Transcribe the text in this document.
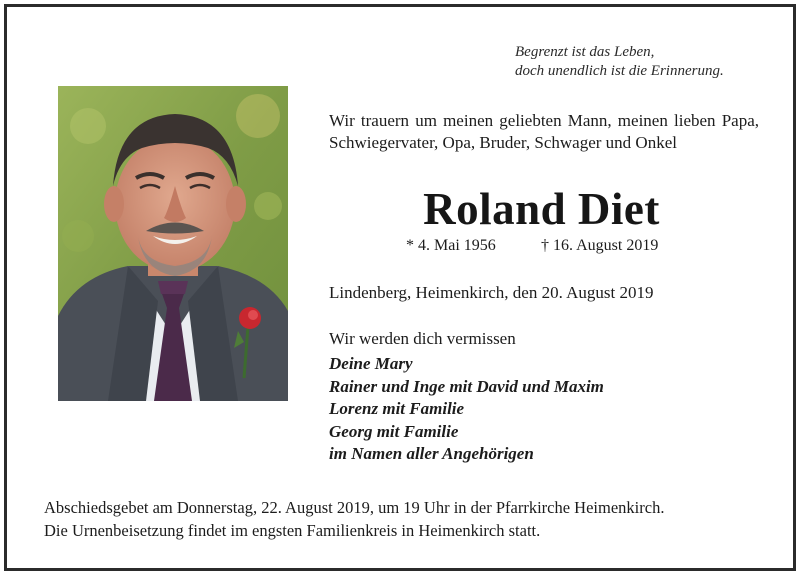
Begrenzt ist das Leben,
doch unendlich ist die Erinnerung.
Wir trauern um meinen geliebten Mann, meinen lieben Papa, Schwiegervater, Opa, Bruder, Schwager und Onkel
Roland Diet
* 4. Mai 1956	† 16. August 2019
Lindenberg, Heimenkirch, den 20. August 2019
Wir werden dich vermissen
Deine Mary
Rainer und Inge mit David und Maxim
Lorenz mit Familie
Georg mit Familie
im Namen aller Angehörigen
Abschiedsgebet am Donnerstag, 22. August 2019, um 19 Uhr in der Pfarrkirche Heimenkirch.
Die Urnenbeisetzung findet im engsten Familienkreis in Heimenkirch statt.
